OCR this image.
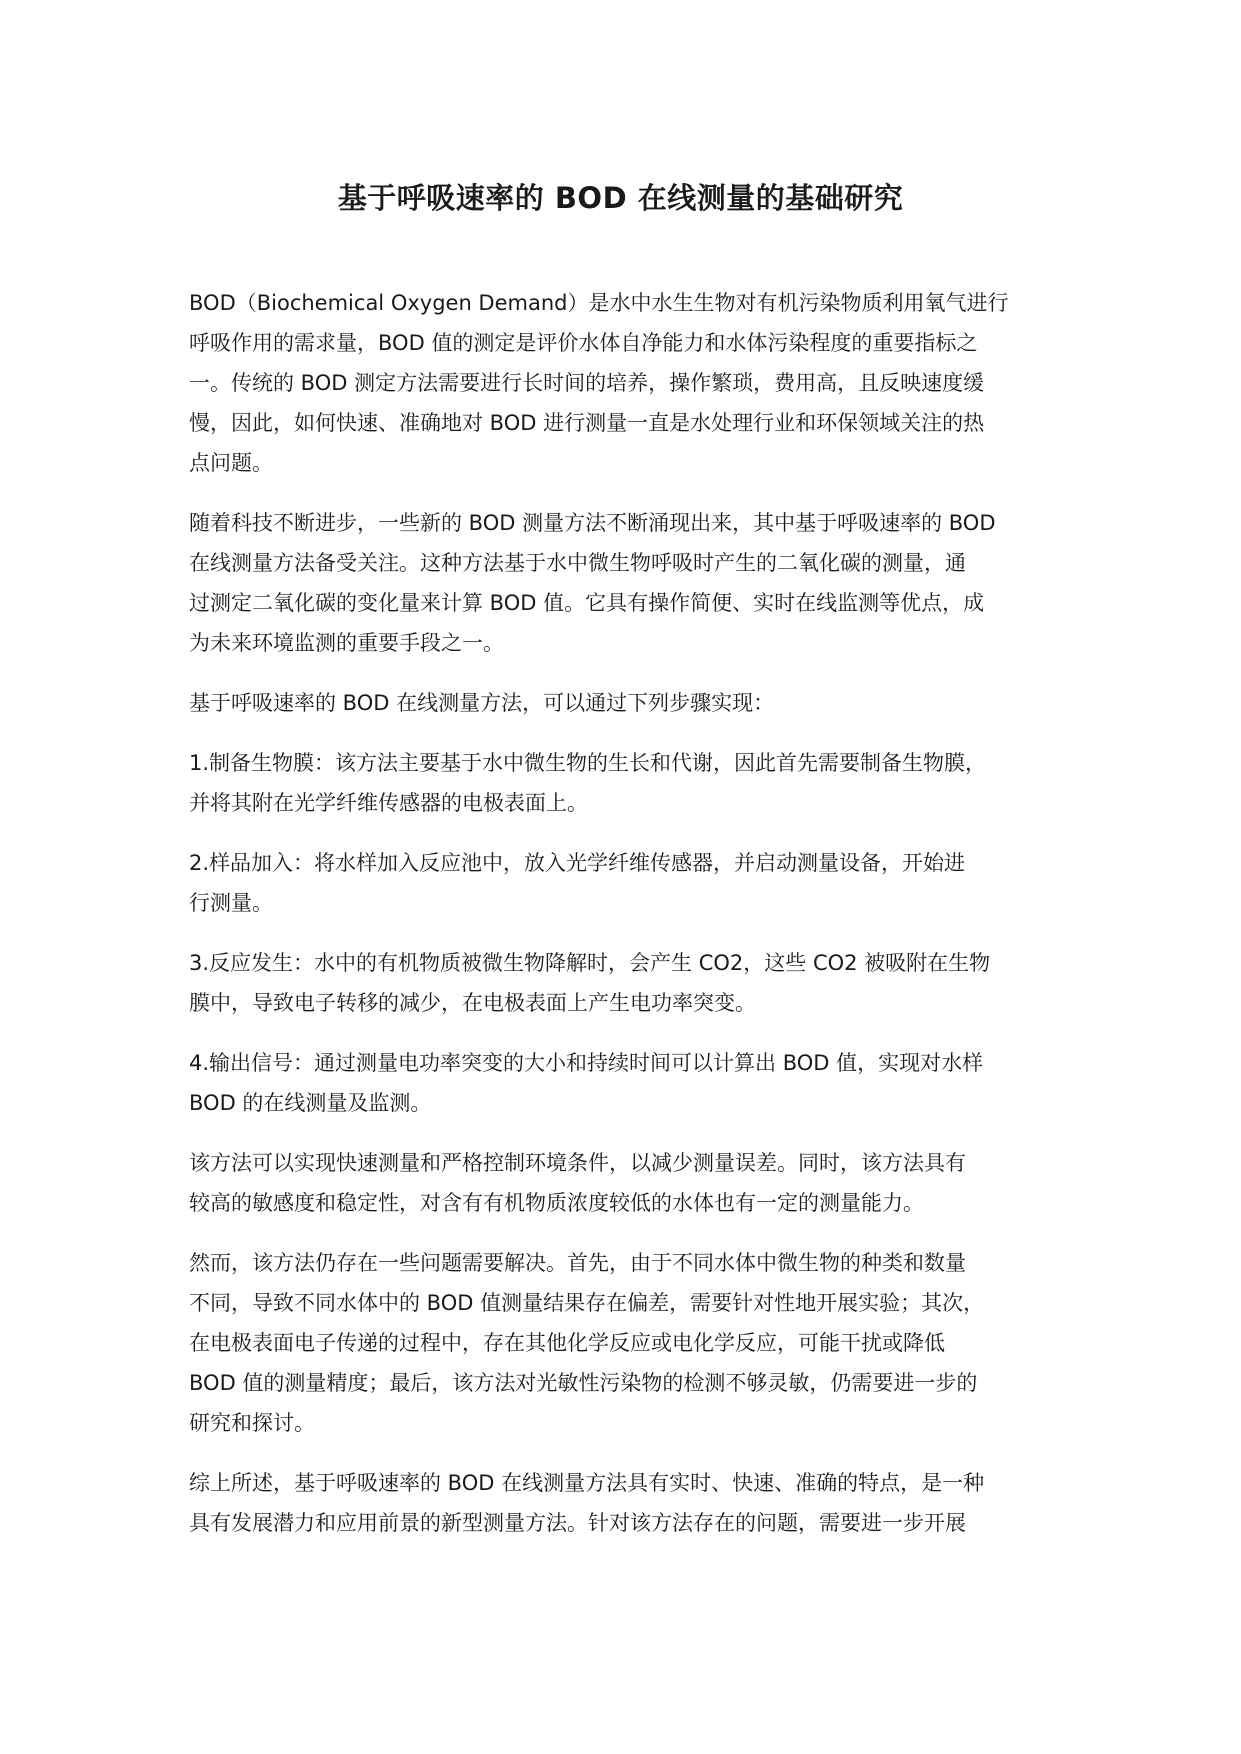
基于呼吸速率的 BOD 在线测量的基础研究

BOD（Biochemical Oxygen Demand）是水中水生生物对有机污染物质利用氧气进行
呼吸作用的需求量，BOD 值的测定是评价水体自净能力和水体污染程度的重要指标之
一。传统的 BOD 测定方法需要进行长时间的培养，操作繁琐，费用高，且反映速度缓
慢，因此，如何快速、准确地对 BOD 进行测量一直是水处理行业和环保领域关注的热
点问题。

随着科技不断进步，一些新的 BOD 测量方法不断涌现出来，其中基于呼吸速率的 BOD
在线测量方法备受关注。这种方法基于水中微生物呼吸时产生的二氧化碳的测量，通
过测定二氧化碳的变化量来计算 BOD 值。它具有操作简便、实时在线监测等优点，成
为未来环境监测的重要手段之一。

基于呼吸速率的 BOD 在线测量方法，可以通过下列步骤实现：

1.制备生物膜：该方法主要基于水中微生物的生长和代谢，因此首先需要制备生物膜，
并将其附在光学纤维传感器的电极表面上。

2.样品加入：将水样加入反应池中，放入光学纤维传感器，并启动测量设备，开始进
行测量。

3.反应发生：水中的有机物质被微生物降解时，会产生 CO2，这些 CO2 被吸附在生物
膜中，导致电子转移的减少，在电极表面上产生电功率突变。

4.输出信号：通过测量电功率突变的大小和持续时间可以计算出 BOD 值，实现对水样
BOD 的在线测量及监测。

该方法可以实现快速测量和严格控制环境条件，以减少测量误差。同时，该方法具有
较高的敏感度和稳定性，对含有有机物质浓度较低的水体也有一定的测量能力。

然而，该方法仍存在一些问题需要解决。首先，由于不同水体中微生物的种类和数量
不同，导致不同水体中的 BOD 值测量结果存在偏差，需要针对性地开展实验；其次，
在电极表面电子传递的过程中，存在其他化学反应或电化学反应，可能干扰或降低
BOD 值的测量精度；最后，该方法对光敏性污染物的检测不够灵敏，仍需要进一步的
研究和探讨。

综上所述，基于呼吸速率的 BOD 在线测量方法具有实时、快速、准确的特点，是一种
具有发展潜力和应用前景的新型测量方法。针对该方法存在的问题，需要进一步开展
